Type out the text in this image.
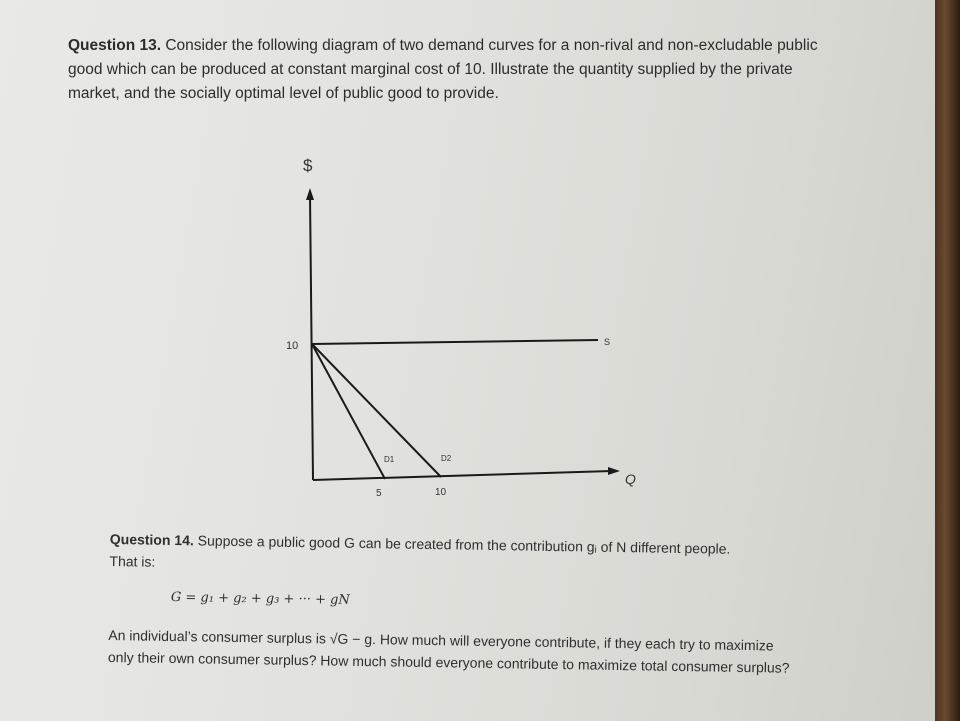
Question 13. Consider the following diagram of two demand curves for a non-rival and non-excludable public good which can be produced at constant marginal cost of 10. Illustrate the quantity supplied by the private market, and the socially optimal level of public good to provide.
$
Q
10
5	10
S
D1	D2

Question 14. Suppose a public good G can be created from the contribution gᵢ of N different people.

That is:

G = g₁ + g₂ + g₃ + ··· + gN

An individual’s consumer surplus is √G − g. How much will everyone contribute, if they each try to maximize only their own consumer surplus? How much should everyone contribute to maximize total consumer surplus?
